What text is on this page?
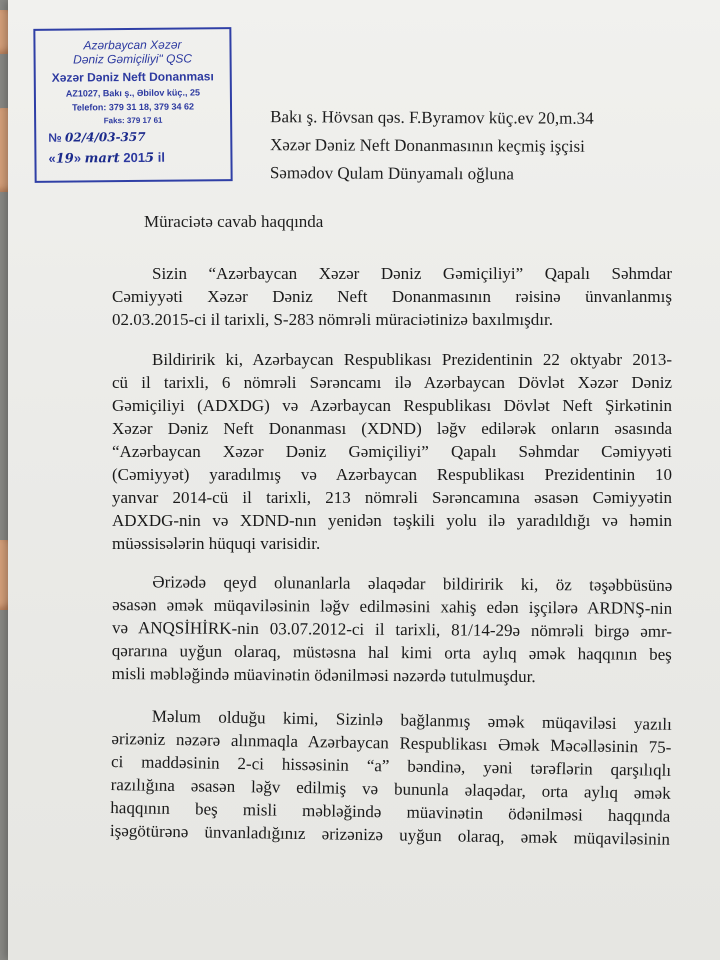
Azərbaycan Xəzər
Dəniz Gəmiçiliyi" QSC
Xəzər Dəniz Neft Donanması
AZ1027, Bakı ş., Əbilov küç., 25
Telefon: 379 31 18, 379 34 62
Faks: 379 17 61
№ 02/4/03-357
«19» mart 2015 il
Bakı ş. Hövsan qəs. F.Byramov küç.ev 20,m.34
Xəzər Dəniz Neft Donanmasının keçmiş işçisi
Səmədov Qulam Dünyamalı oğluna
Müraciətə cavab haqqında
Sizin “Azərbaycan Xəzər Dəniz Gəmiçiliyi” Qapalı Səhmdar
Cəmiyyəti Xəzər Dəniz Neft Donanmasının rəisinə ünvanlanmış
02.03.2015-ci il tarixli, S-283 nömrəli müraciətinizə baxılmışdır.
Bildiririk ki, Azərbaycan Respublikası Prezidentinin 22 oktyabr 2013-
cü il tarixli, 6 nömrəli Sərəncamı ilə Azərbaycan Dövlət Xəzər Dəniz
Gəmiçiliyi (ADXDG) və Azərbaycan Respublikası Dövlət Neft Şirkətinin
Xəzər Dəniz Neft Donanması (XDND) ləğv edilərək onların əsasında
“Azərbaycan Xəzər Dəniz Gəmiçiliyi” Qapalı Səhmdar Cəmiyyəti
(Cəmiyyət) yaradılmış və Azərbaycan Respublikası Prezidentinin 10
yanvar 2014-cü il tarixli, 213 nömrəli Sərəncamına əsasən Cəmiyyətin
ADXDG-nin və XDND-nın yenidən təşkili yolu ilə yaradıldığı və həmin
müəssisələrin hüquqi varisidir.
Ərizədə qeyd olunanlarla əlaqədar bildiririk ki, öz təşəbbüsünə
əsasən əmək müqaviləsinin ləğv edilməsini xahiş edən işçilərə ARDNŞ-nin
və ANQSİHİRK-nin 03.07.2012-ci il tarixli, 81/14-29ə nömrəli birgə əmr-
qərarına uyğun olaraq, müstəsna hal kimi orta aylıq əmək haqqının beş
misli məbləğində müavinətin ödənilməsi nəzərdə tutulmuşdur.
Məlum olduğu kimi, Sizinlə bağlanmış əmək müqaviləsi yazılı
ərizəniz nəzərə alınmaqla Azərbaycan Respublikası Əmək Məcəlləsinin 75-
ci maddəsinin 2-ci hissəsinin “a” bəndinə, yəni tərəflərin qarşılıqlı
razılığına əsasən ləğv edilmiş və bununla əlaqədar, orta aylıq əmək
haqqının beş misli məbləğində müavinətin ödənilməsi haqqında
işəgötürənə ünvanladığınız ərizənizə uyğun olaraq, əmək müqaviləsinin
